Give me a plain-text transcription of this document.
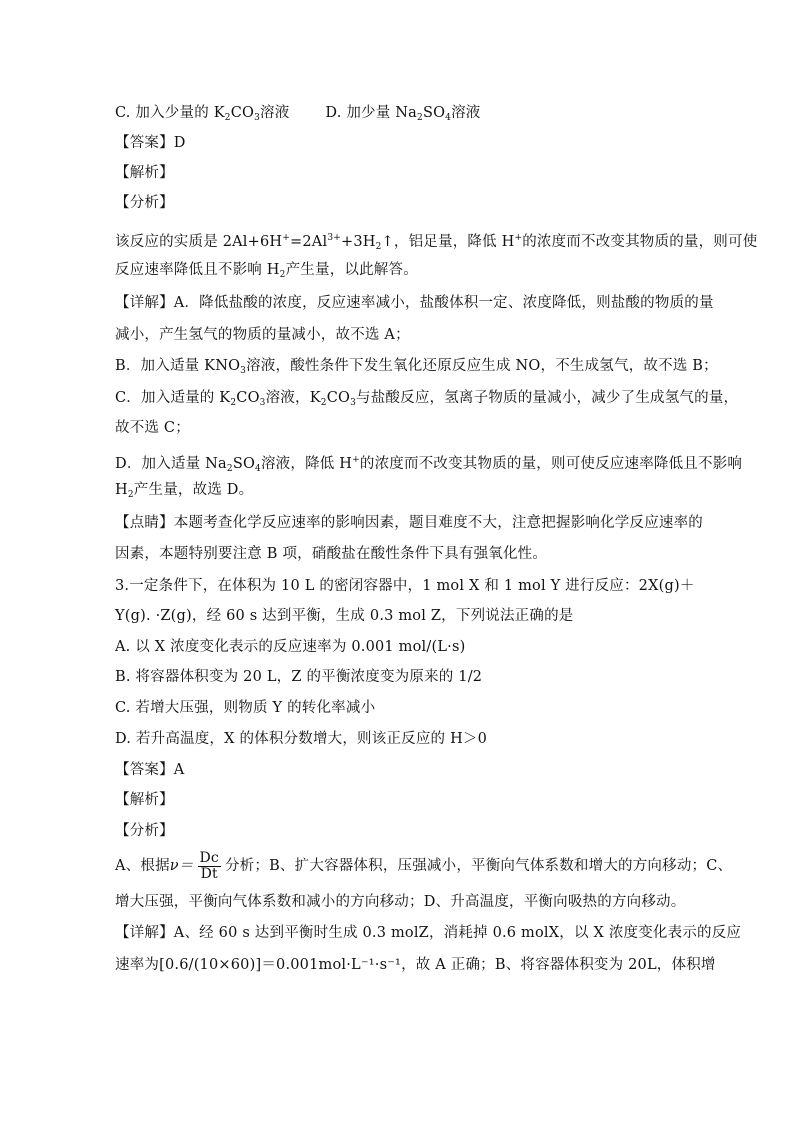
C. 加入少量的 $K_2CO_3$溶液 D. 加少量 $Na_2SO_4$溶液
【答案】D
【解析】
【分析】
该反应的实质是 $2Al+6H^+=2Al^{3+}+3H_2↑$，铝足量，降低 H+的浓度而不改变其物质的量，则可使
反应速率降低且不影响 $H_2$产生量，以此解答。
【详解】A．降低盐酸的浓度，反应速率减小，盐酸体积一定、浓度降低，则盐酸的物质的量
减小，产生氢气的物质的量减小，故不选 A；
B．加入适量 $KNO_3$溶液，酸性条件下发生氧化还原反应生成 NO，不生成氢气，故不选 B；
C．加入适量的 $K_2CO_3$溶液，$K_2CO_3$与盐酸反应，氢离子物质的量减小，减少了生成氢气的量，
故不选 C；
D．加入适量 $Na_2SO_4$溶液，降低 H+的浓度而不改变其物质的量，则可使反应速率降低且不影响
$H_2$产生量，故选 D。
【点睛】本题考查化学反应速率的影响因素，题目难度不大，注意把握影响化学反应速率的
因素，本题特别要注意 B 项，硝酸盐在酸性条件下具有强氧化性。
3.一定条件下，在体积为 10 L 的密闭容器中，1 mol X 和 1 mol Y 进行反应：2X(g)＋
Y(g). ·Z(g)，经 60 s 达到平衡，生成 0.3 mol Z，下列说法正确的是
A. 以 X 浓度变化表示的反应速率为 0.001 mol/(L·s)
B. 将容器体积变为 20 L，Z 的平衡浓度变为原来的 1/2
C. 若增大压强，则物质 Y 的转化率减小
D. 若升高温度，X 的体积分数增大，则该正反应的 H＞0
【答案】A
【解析】
【分析】
A、根据$\nu= \frac{Dc}{Dt}$ 分析；B、扩大容器体积，压强减小，平衡向气体系数和增大的方向移动；C、
增大压强，平衡向气体系数和减小的方向移动；D、升高温度，平衡向吸热的方向移动。
【详解】A、经 60 s 达到平衡时生成 0.3 molZ，消耗掉 0.6 molX，以 X 浓度变化表示的反应
速率为[0.6/(10×60)]＝0.001mol·L⁻¹·s⁻¹，故 A 正确；B、将容器体积变为 20L，体积增
